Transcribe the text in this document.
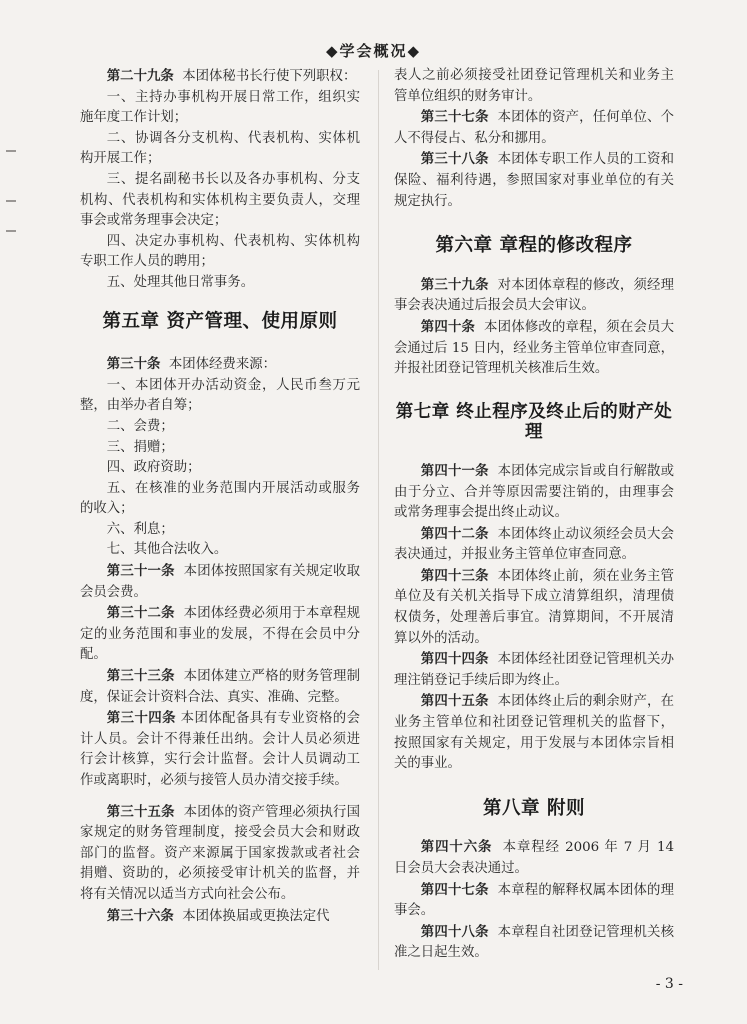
◆学会概况◆

第二十九条 本团体秘书长行使下列职权：

一、主持办事机构开展日常工作，组织实施年度工作计划；

二、协调各分支机构、代表机构、实体机构开展工作；

三、提名副秘书长以及各办事机构、分支机构、代表机构和实体机构主要负责人，交理事会或常务理事会决定；

四、决定办事机构、代表机构、实体机构专职工作人员的聘用；

五、处理其他日常事务。

第五章 资产管理、使用原则

第三十条 本团体经费来源：

一、本团体开办活动资金，人民币叁万元整，由举办者自筹；

二、会费；

三、捐赠；

四、政府资助；

五、在核准的业务范围内开展活动或服务的收入；

六、利息；

七、其他合法收入。

第三十一条 本团体按照国家有关规定收取会员会费。

第三十二条 本团体经费必须用于本章程规定的业务范围和事业的发展，不得在会员中分配。

第三十三条 本团体建立严格的财务管理制度，保证会计资料合法、真实、准确、完整。

第三十四条 本团体配备具有专业资格的会计人员。会计不得兼任出纳。会计人员必须进行会计核算，实行会计监督。会计人员调动工作或离职时，必须与接管人员办清交接手续。

第三十五条 本团体的资产管理必须执行国家规定的财务管理制度，接受会员大会和财政部门的监督。资产来源属于国家拨款或者社会捐赠、资助的，必须接受审计机关的监督，并将有关情况以适当方式向社会公布。

第三十六条 本团体换届或更换法定代

表人之前必须接受社团登记管理机关和业务主管单位组织的财务审计。

第三十七条 本团体的资产，任何单位、个人不得侵占、私分和挪用。

第三十八条 本团体专职工作人员的工资和保险、福利待遇，参照国家对事业单位的有关规定执行。

第六章 章程的修改程序

第三十九条 对本团体章程的修改，须经理事会表决通过后报会员大会审议。

第四十条 本团体修改的章程，须在会员大会通过后 15 日内，经业务主管单位审查同意，并报社团登记管理机关核准后生效。

第七章 终止程序及终止后的财产处理

第四十一条 本团体完成宗旨或自行解散或由于分立、合并等原因需要注销的，由理事会或常务理事会提出终止动议。

第四十二条 本团体终止动议须经会员大会表决通过，并报业务主管单位审查同意。

第四十三条 本团体终止前，须在业务主管单位及有关机关指导下成立清算组织，清理债权债务，处理善后事宜。清算期间，不开展清算以外的活动。

第四十四条 本团体经社团登记管理机关办理注销登记手续后即为终止。

第四十五条 本团体终止后的剩余财产，在业务主管单位和社团登记管理机关的监督下，按照国家有关规定，用于发展与本团体宗旨相关的事业。

第八章 附则

第四十六条 本章程经 2006 年 7 月 14 日会员大会表决通过。

第四十七条 本章程的解释权属本团体的理事会。

第四十八条 本章程自社团登记管理机关核准之日起生效。

- 3 -
